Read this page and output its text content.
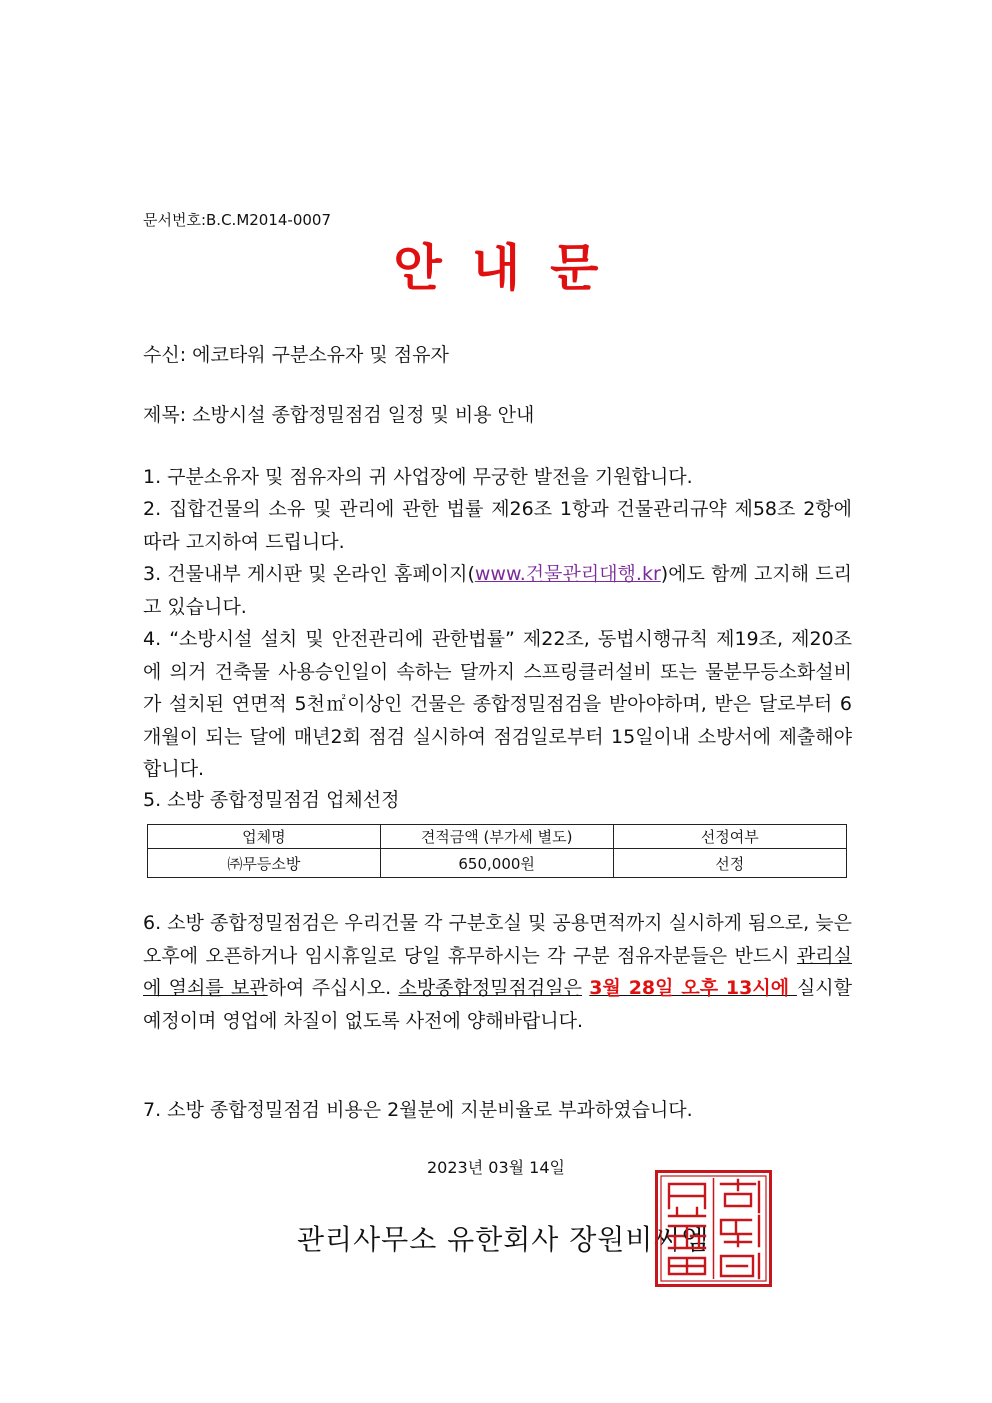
문서번호:B.C.M2014-0007
안내문
수신: 에코타워 구분소유자 및 점유자
제목: 소방시설 종합정밀점검 일정 및 비용 안내
1. 구분소유자 및 점유자의 귀 사업장에 무궁한 발전을 기원합니다.
2. 집합건물의 소유 및 관리에 관한 법률 제26조 1항과 건물관리규약 제58조 2항에 따라 고지하여 드립니다.
3. 건물내부 게시판 및 온라인 홈페이지(www.건물관리대행.kr)에도 함께 고지해 드리고 있습니다.
4. “소방시설 설치 및 안전관리에 관한법률” 제22조, 동법시행규칙 제19조, 제20조에 의거 건축물 사용승인일이 속하는 달까지 스프링클러설비 또는 물분무등소화설비가 설치된 연면적 5천㎡이상인 건물은 종합정밀점검을 받아야하며, 받은 달로부터 6개월이 되는 달에 매년2회 점검 실시하여 점검일로부터 15일이내 소방서에 제출해야 합니다.
5. 소방 종합정밀점검 업체선정
업체명	견적금액 (부가세 별도)	선정여부
㈜무등소방	650,000원	선정
6. 소방 종합정밀점검은 우리건물 각 구분호실 및 공용면적까지 실시하게 됨으로, 늦은 오후에 오픈하거나 임시휴일로 당일 휴무하시는 각 구분 점유자분들은 반드시 관리실에 열쇠를 보관하여 주십시오. 소방종합정밀점검일은 3월 28일 오후 13시에 실시할 예정이며 영업에 차질이 없도록 사전에 양해바랍니다.
7. 소방 종합정밀점검 비용은 2월분에 지분비율로 부과하였습니다.
2023년 03월 14일
관리사무소 유한회사 장원비씨엠
